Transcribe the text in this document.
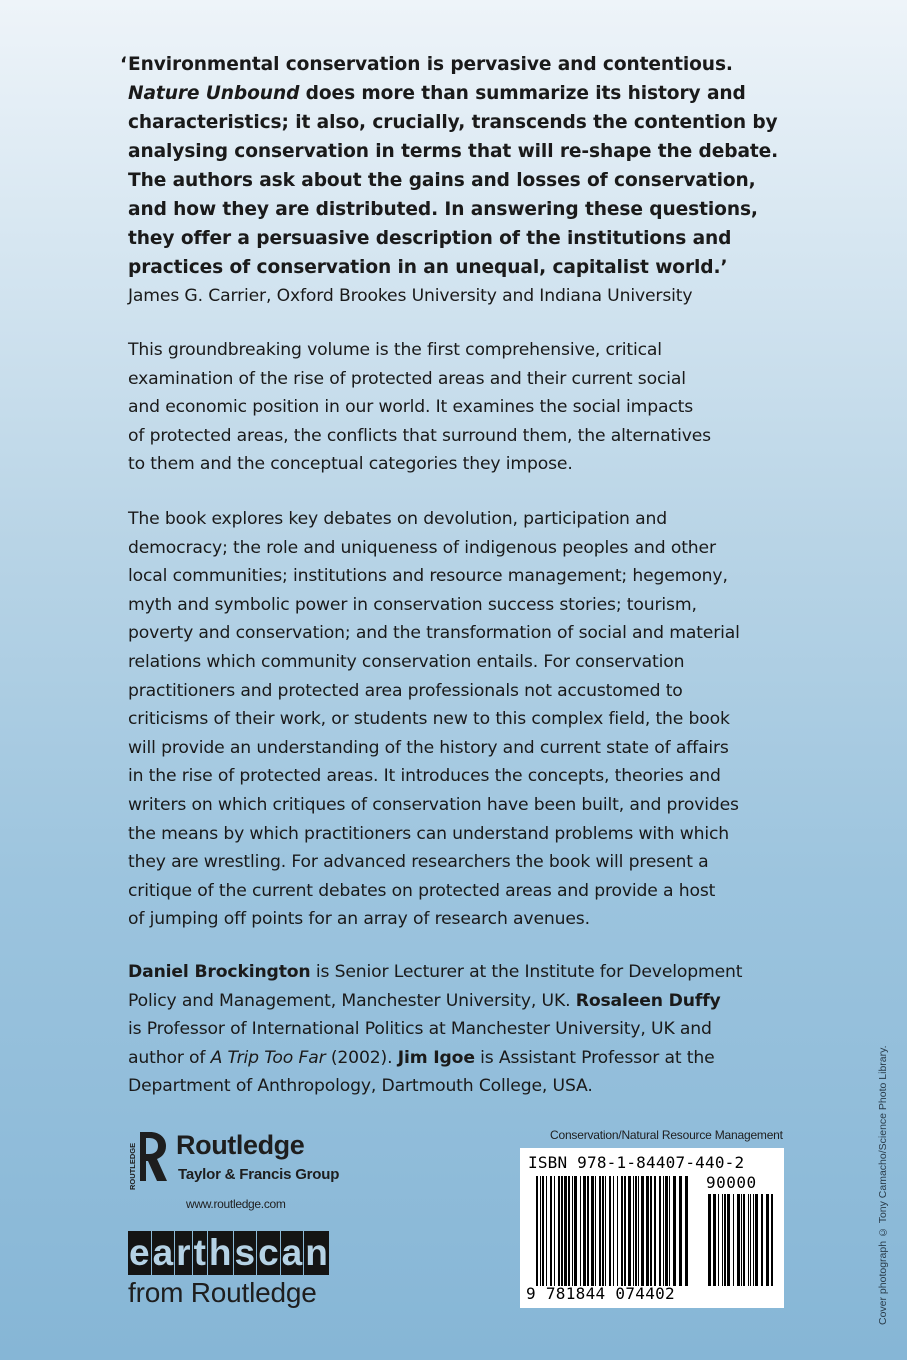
‘ Environmental conservation is pervasive and contentious.
Nature Unbound does more than summarize its history and
characteristics; it also, crucially, transcends the contention by
analysing conservation in terms that will re-shape the debate.
The authors ask about the gains and losses of conservation,
and how they are distributed. In answering these questions,
they offer a persuasive description of the institutions and
practices of conservation in an unequal, capitalist world.’

James G. Carrier, Oxford Brookes University and Indiana University

This groundbreaking volume is the first comprehensive, critical
examination of the rise of protected areas and their current social
and economic position in our world. It examines the social impacts
of protected areas, the conflicts that surround them, the alternatives
to them and the conceptual categories they impose.

The book explores key debates on devolution, participation and
democracy; the role and uniqueness of indigenous peoples and other
local communities; institutions and resource management; hegemony,
myth and symbolic power in conservation success stories; tourism,
poverty and conservation; and the transformation of social and material
relations which community conservation entails. For conservation
practitioners and protected area professionals not accustomed to
criticisms of their work, or students new to this complex field, the book
will provide an understanding of the history and current state of affairs
in the rise of protected areas. It introduces the concepts, theories and
writers on which critiques of conservation have been built, and provides
the means by which practitioners can understand problems with which
they are wrestling. For advanced researchers the book will present a
critique of the current debates on protected areas and provide a host
of jumping off points for an array of research avenues.

Daniel Brockington is Senior Lecturer at the Institute for Development
Policy and Management, Manchester University, UK. Rosaleen Duffy
is Professor of International Politics at Manchester University, UK and
author of A Trip Too Far (2002). Jim Igoe is Assistant Professor at the
Department of Anthropology, Dartmouth College, USA.	Cover photograph © Tony Camacho/Science Photo Library.
ROUTLEDGE Routledge
Taylor & Francis Group
www.routledge.com
e a r t h s c a n
from Routledge
Conservation/Natural Resource Management
ISBN 978-1-84407-440-2
90000
9 781844 074402
